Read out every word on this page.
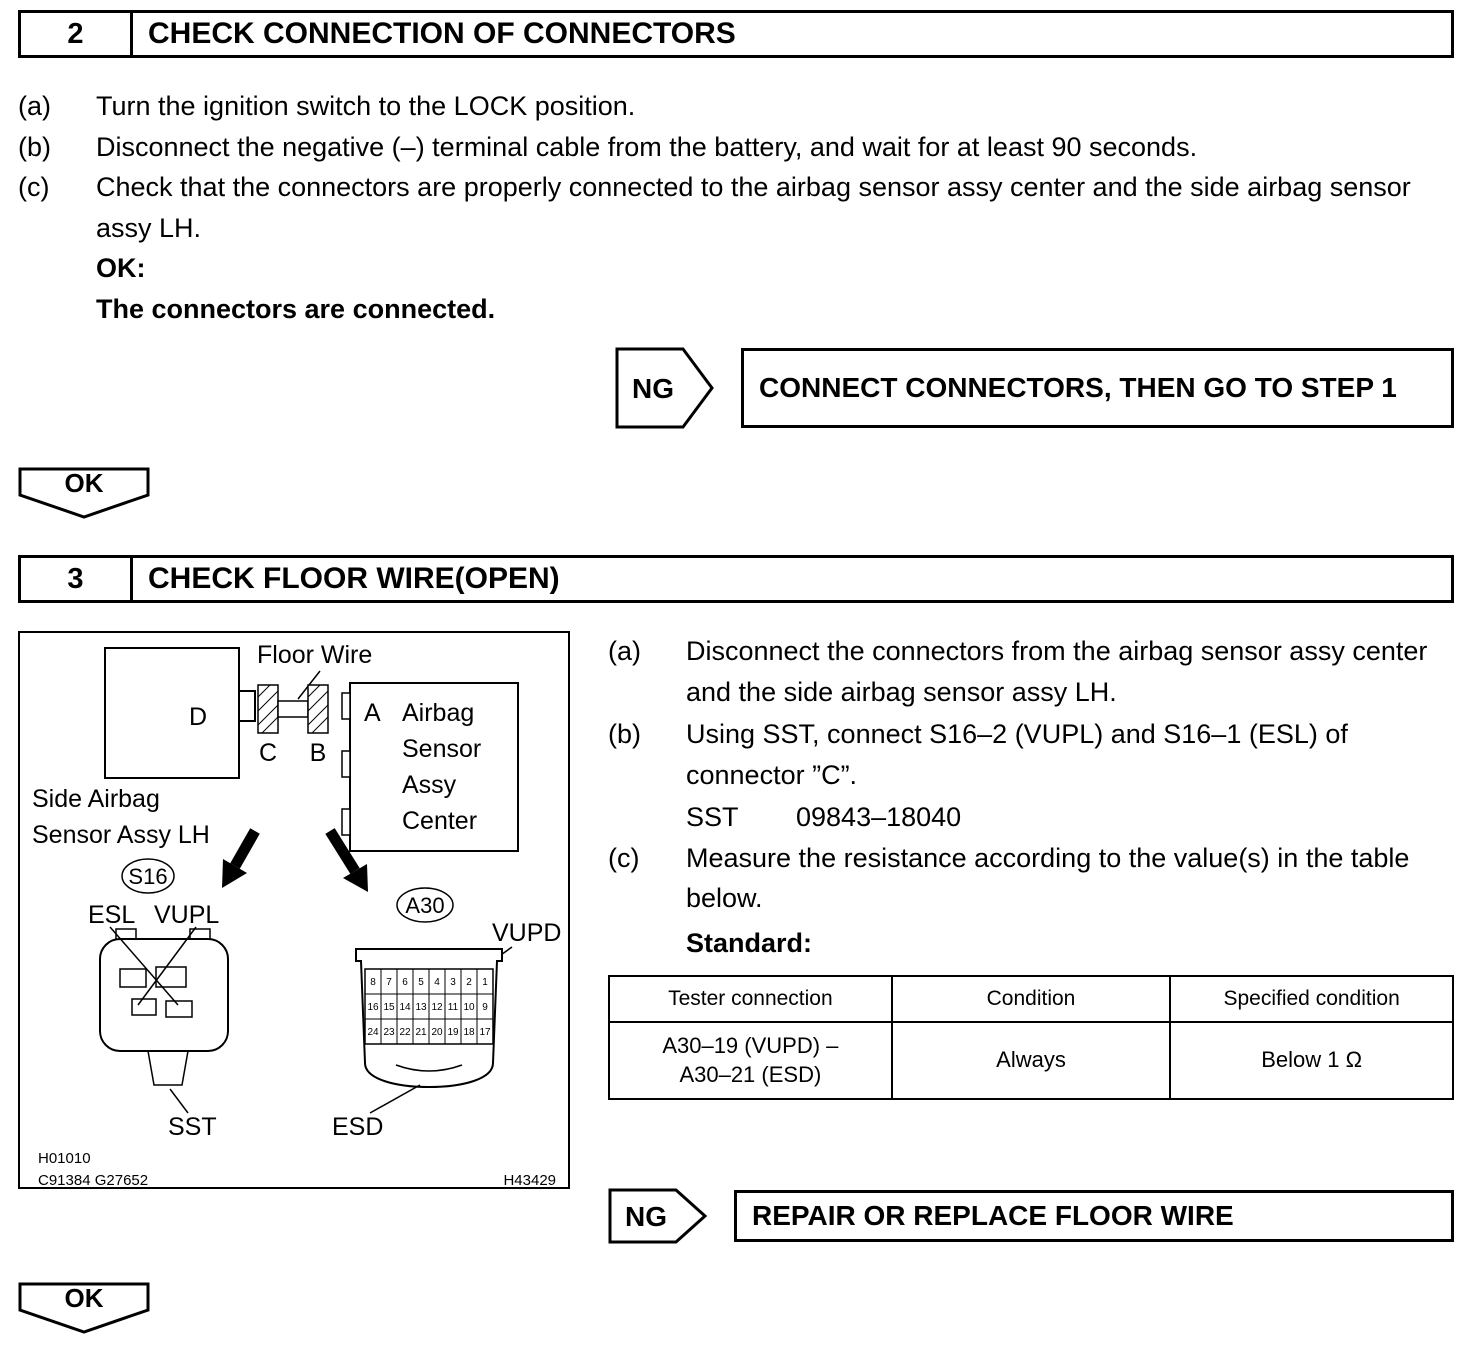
2	CHECK CONNECTION OF CONNECTORS
(a)	Turn the ignition switch to the LOCK position.
(b)	Disconnect the negative (–) terminal cable from the battery, and wait for at least 90 seconds.
(c)	Check that the connectors are properly connected to the airbag sensor assy center and the side airbag sensor assy LH.
OK:
The connectors are connected.
NG	CONNECT CONNECTORS, THEN GO TO STEP 1
OK
3	CHECK FLOOR WIRE(OPEN)
Floor Wire
D
C B
A Airbag
Sensor
Assy
Center
Side Airbag
Sensor Assy LH
S16
ESL VUPL	A30
VUPD
8 7 6 5 4 3 2 1
16 15 14 13 12 11 10 9
24 23 22 21 20 19 18 17
SST	ESD
H01010
C91384 G27652	H43429
(a)	Disconnect the connectors from the airbag sensor assy center and the side airbag sensor assy LH.
(b)	Using SST, connect S16–2 (VUPL) and S16–1 (ESL) of connector ”C”.
SST	09843–18040
(c)	Measure the resistance according to the value(s) in the table below.
Standard:
Tester connection	Condition	Specified condition

A30–19 (VUPD) –
A30–21 (ESD)	Always	Below 1 Ω
NG	REPAIR OR REPLACE FLOOR WIRE
OK
